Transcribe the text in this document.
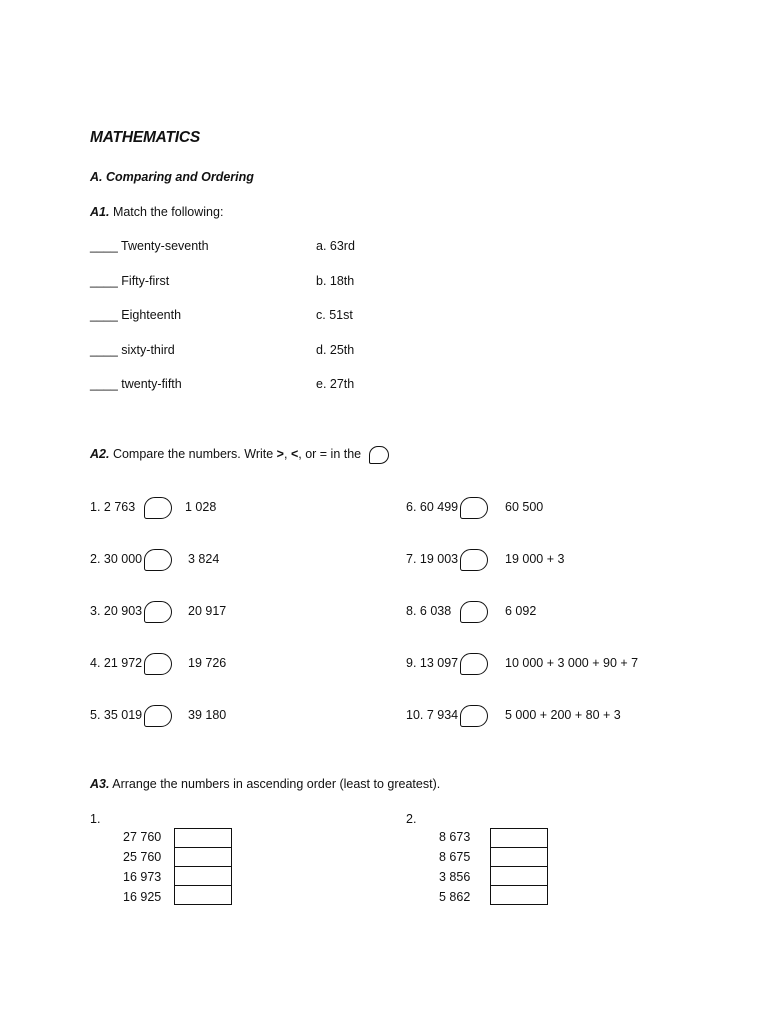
MATHEMATICS
A. Comparing and Ordering
A1. Match the following:
____ Twenty-seventh
____ Fifty-first
____ Eighteenth
____ sixty-third
____ twenty-fifth
a. 63rd
b. 18th
c. 51st
d. 25th
e. 27th
A2. Compare the numbers. Write >, <, or = in the
1. 2 763	1 028
2. 30 000	3 824
3. 20 903	20 917
4. 21 972	19 726
5. 35 019	39 180
6. 60 499	60 500
7. 19 003	19 000 + 3
8. 6 038	6 092
9. 13 097	10 000 + 3 000 + 90 + 7
10. 7 934	5 000 + 200 + 80 + 3
A3. Arrange the numbers in ascending order (least to greatest).
1.
27 760
25 760
16 973
16 925
2.
8 673
8 675
3 856
5 862
